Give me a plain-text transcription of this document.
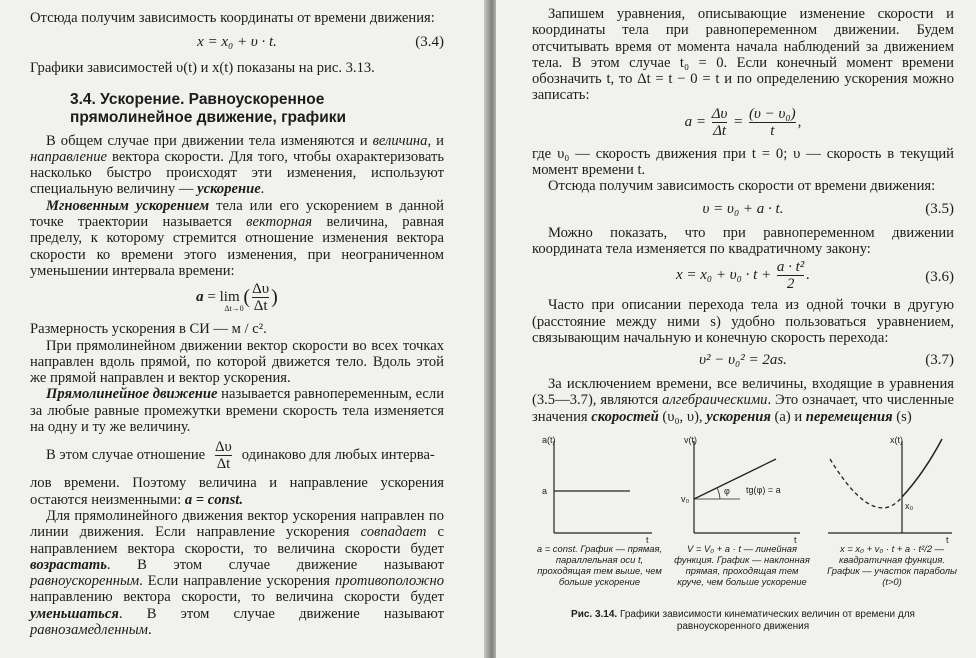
Отсюда получим зависимость координаты от времени движения:

x = x₀ + υ · t.	(3.4)

Графики зависимостей υ(t) и x(t) показаны на рис. 3.13.

3.4. Ускорение. Равноускоренное
прямолинейное движение, графики

В общем случае при движении тела изменяются и величина, и направление вектора скорости. Для того, чтобы охарактеризовать насколько быстро происходят эти изменения, используют специальную величину — ускорение.

Мгновенным ускорением тела или его ускорением в данной точке траектории называется векторная величина, равная пределу, к которому стремится отношение изменения вектора скорости ко времени этого изменения, при неограниченном уменьшении интервала времени:

a = lim ( $\frac{\Delta\upsilon}{\Delta t}$ )
Δt→0

Размерность ускорения в СИ — м / с².

При прямолинейном движении вектор скорости во всех точках направлен вдоль прямой, по которой движется тело. Вдоль этой же прямой направлен и вектор ускорения.

Прямолинейное движение называется равнопеременным, если за любые равные промежутки времени скорость тела изменяется на одну и ту же величину.

В этом случае отношение $\frac{\Delta\upsilon}{\Delta t}$ одинаково для любых интерва-

лов времени. Поэтому величина и направление ускорения остаются неизменными: a = const.

Для прямолинейного движения вектор ускорения направлен по линии движения. Если направление ускорения совпадает с направлением вектора скорости, то величина скорости будет возрастать. В этом случае движение называют равноускоренным. Если направление ускорения противоположно направлению вектора скорости, то величина скорости будет уменьшаться. В этом случае движение называют равнозамедленным.

Запишем уравнения, описывающие изменение скорости и координаты тела при равнопеременном движении. Будем отсчитывать время от момента начала наблюдений за движением тела. В этом случае t₀ = 0. Если конечный момент времени обозначить t, то Δt = t − 0 = t и по определению ускорения можно записать:

$a = \frac{\Delta\upsilon}{\Delta t} = \frac{\text{(υ − υ₀)}}{t}$ ,

где υ₀ — скорость движения при t = 0; υ — скорость в текущий момент времени t.

Отсюда получим зависимость скорости от времени движения:

υ = υ₀ + a · t.	(3.5)

Можно показать, что при равнопеременном движении координата тела изменяется по квадратичному закону:

$x = x_0 + \upsilon_0 \cdot t + \frac{\text{a · t²}}{2}$ .	(3.6)

Часто при описании перехода тела из одной точки в другую (расстояние между ними s) удобно пользоваться уравнением, связывающим начальную и конечную скорость перехода:

υ² − υ₀² = 2as.	(3.7)

За исключением времени, все величины, входящие в уравнения (3.5—3.7), являются алгебраическими. Это означает, что численные значения скоростей (υ₀, υ), ускорения (a) и перемещения (s)

a(t)
a
t
a = const. График — прямая, параллельная оси t, проходящая тем выше, чем больше ускорение
v(t)
v₀
φ tg(φ) = a
t
V = V₀ + a · t — линейная функция. График — наклонная прямая, проходящая тем круче, чем больше ускорение
x(t)
x₀
t
x = x₀ + v₀ · t + a · t²/2 — квадратичная функция. График — участок параболы (t>0)
Рис. 3.14. Графики зависимости кинематических величин от времени для равноускоренного движения
